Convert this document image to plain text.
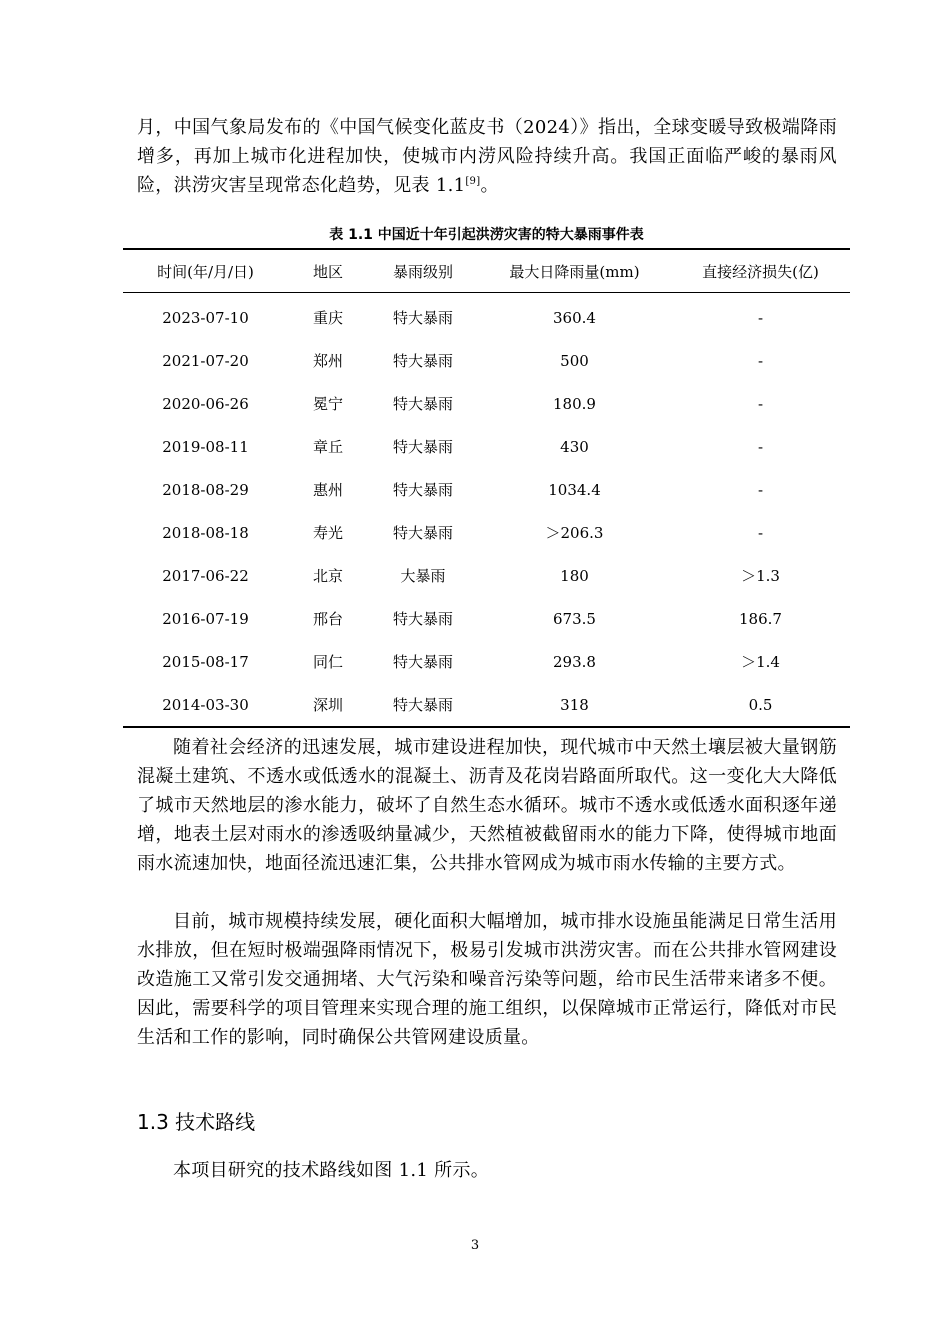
月，中国气象局发布的《中国气候变化蓝皮书（2024）》指出，全球变暖导致极端降雨增多，再加上城市化进程加快，使城市内涝风险持续升高。我国正面临严峻的暴雨风险，洪涝灾害呈现常态化趋势，见表 1.1[9]。

表 1.1 中国近十年引起洪涝灾害的特大暴雨事件表
时间(年/月/日)	地区	暴雨级别	最大日降雨量(mm)	直接经济损失(亿)
2023-07-10	重庆	特大暴雨	360.4	-
2021-07-20	郑州	特大暴雨	500	-
2020-06-26	冕宁	特大暴雨	180.9	-
2019-08-11	章丘	特大暴雨	430	-
2018-08-29	惠州	特大暴雨	1034.4	-
2018-08-18	寿光	特大暴雨	＞206.3	-
2017-06-22	北京	大暴雨	180	＞1.3
2016-07-19	邢台	特大暴雨	673.5	186.7
2015-08-17	同仁	特大暴雨	293.8	＞1.4
2014-03-30	深圳	特大暴雨	318	0.5

随着社会经济的迅速发展，城市建设进程加快，现代城市中天然土壤层被大量钢筋混凝土建筑、不透水或低透水的混凝土、沥青及花岗岩路面所取代。这一变化大大降低了城市天然地层的渗水能力，破坏了自然生态水循环。城市不透水或低透水面积逐年递增，地表土层对雨水的渗透吸纳量减少，天然植被截留雨水的能力下降，使得城市地面雨水流速加快，地面径流迅速汇集，公共排水管网成为城市雨水传输的主要方式。

目前，城市规模持续发展，硬化面积大幅增加，城市排水设施虽能满足日常生活用水排放，但在短时极端强降雨情况下，极易引发城市洪涝灾害。而在公共排水管网建设改造施工又常引发交通拥堵、大气污染和噪音污染等问题，给市民生活带来诸多不便。因此，需要科学的项目管理来实现合理的施工组织，以保障城市正常运行，降低对市民生活和工作的影响，同时确保公共管网建设质量。

1.3 技术路线

本项目研究的技术路线如图 1.1 所示。

3
